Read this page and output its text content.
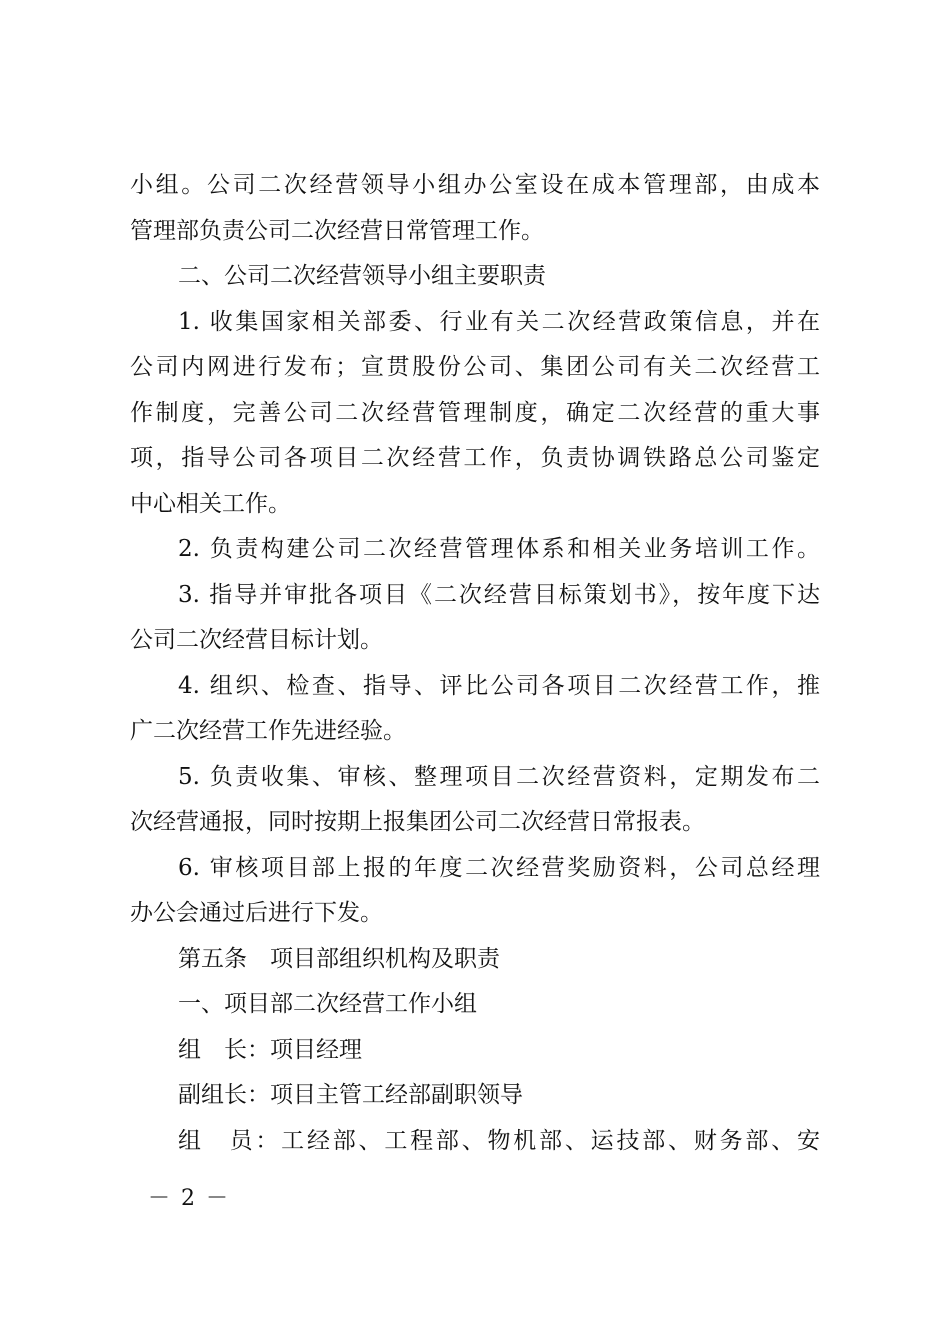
小组。公司二次经营领导小组办公室设在成本管理部，由成本
管理部负责公司二次经营日常管理工作。
二、公司二次经营领导小组主要职责
1. 收集国家相关部委、行业有关二次经营政策信息，并在
公司内网进行发布；宣贯股份公司、集团公司有关二次经营工
作制度，完善公司二次经营管理制度，确定二次经营的重大事
项，指导公司各项目二次经营工作，负责协调铁路总公司鉴定
中心相关工作。
2. 负责构建公司二次经营管理体系和相关业务培训工作。
3. 指导并审批各项目《二次经营目标策划书》，按年度下达
公司二次经营目标计划。
4. 组织、检查、指导、评比公司各项目二次经营工作，推
广二次经营工作先进经验。
5. 负责收集、审核、整理项目二次经营资料，定期发布二
次经营通报，同时按期上报集团公司二次经营日常报表。
6. 审核项目部上报的年度二次经营奖励资料，公司总经理
办公会通过后进行下发。
第五条　项目部组织机构及职责
一、项目部二次经营工作小组
组　长：项目经理
副组长：项目主管工经部副职领导
组　员：工经部、工程部、物机部、运技部、财务部、安
－ 2 －
